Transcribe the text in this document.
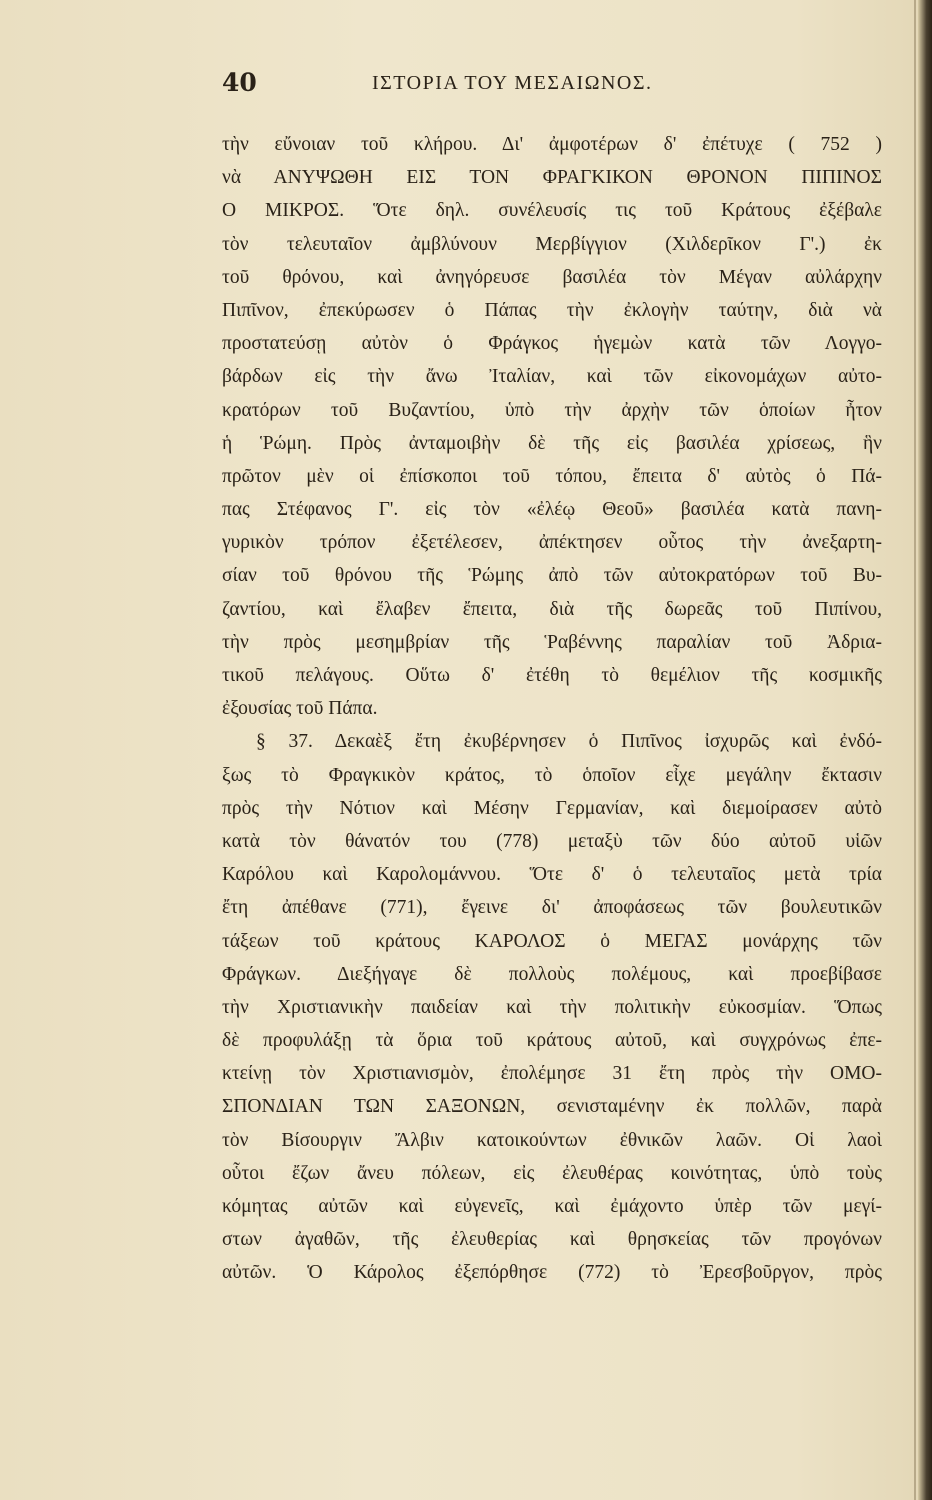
40	ΙΣΤΟΡΙΑ ΤΟΥ ΜΕΣΑΙΩΝΟΣ.
τὴν εὔνοιαν τοῦ κλήρου. Δι' ἀμφοτέρων δ' ἐπέτυχε ( 752 )
νὰ ΑΝΥΨΩΘΗ ΕΙΣ ΤΟΝ ΦΡΑΓΚΙΚΟΝ ΘΡΟΝΟΝ ΠΙΠΙΝΟΣ
Ο ΜΙΚΡΟΣ. Ὅτε δηλ. συνέλευσίς τις τοῦ Κράτους ἐξέβαλε
τὸν τελευταῖον ἀμβλύνουν Μερβίγγιον (Χιλδερῖκον Γ'.) ἐκ
τοῦ θρόνου, καὶ ἀνηγόρευσε βασιλέα τὸν Μέγαν αὐλάρχην
Πιπῖνον, ἐπεκύρωσεν ὁ Πάπας τὴν ἐκλογὴν ταύτην, διὰ νὰ
προστατεύσῃ αὐτὸν ὁ Φράγκος ἡγεμὼν κατὰ τῶν Λογγο-
βάρδων εἰς τὴν ἄνω Ἰταλίαν, καὶ τῶν εἰκονομάχων αὐτο-
κρατόρων τοῦ Βυζαντίου, ὑπὸ τὴν ἀρχὴν τῶν ὁποίων ἦτον
ἡ Ῥώμη. Πρὸς ἀνταμοιβὴν δὲ τῆς εἰς βασιλέα χρίσεως, ἣν
πρῶτον μὲν οἱ ἐπίσκοποι τοῦ τόπου, ἔπειτα δ' αὐτὸς ὁ Πά-
πας Στέφανος Γ'. εἰς τὸν «ἐλέῳ Θεοῦ» βασιλέα κατὰ πανη-
γυρικὸν τρόπον ἐξετέλεσεν, ἀπέκτησεν οὗτος τὴν ἀνεξαρτη-
σίαν τοῦ θρόνου τῆς Ῥώμης ἀπὸ τῶν αὐτοκρατόρων τοῦ Βυ-
ζαντίου, καὶ ἔλαβεν ἔπειτα, διὰ τῆς δωρεᾶς τοῦ Πιπίνου,
τὴν πρὸς μεσημβρίαν τῆς Ῥαβέννης παραλίαν τοῦ Ἀδρια-
τικοῦ πελάγους. Οὕτω δ' ἐτέθη τὸ θεμέλιον τῆς κοσμικῆς
ἐξουσίας τοῦ Πάπα.
§ 37. Δεκαὲξ ἔτη ἐκυβέρνησεν ὁ Πιπῖνος ἰσχυρῶς καὶ ἐνδό-
ξως τὸ Φραγκικὸν κράτος, τὸ ὁποῖον εἶχε μεγάλην ἔκτασιν
πρὸς τὴν Νότιον καὶ Μέσην Γερμανίαν, καὶ διεμοίρασεν αὐτὸ
κατὰ τὸν θάνατόν του (778) μεταξὺ τῶν δύο αὐτοῦ υἱῶν
Καρόλου καὶ Καρολομάννου. Ὅτε δ' ὁ τελευταῖος μετὰ τρία
ἔτη ἀπέθανε (771), ἔγεινε δι' ἀποφάσεως τῶν βουλευτικῶν
τάξεων τοῦ κράτους ΚΑΡΟΛΟΣ ὁ ΜΕΓΑΣ μονάρχης τῶν
Φράγκων. Διεξήγαγε δὲ πολλοὺς πολέμους, καὶ προεβίβασε
τὴν Χριστιανικὴν παιδείαν καὶ τὴν πολιτικὴν εὐκοσμίαν. Ὅπως
δὲ προφυλάξῃ τὰ ὅρια τοῦ κράτους αὐτοῦ, καὶ συγχρόνως ἐπε-
κτείνῃ τὸν Χριστιανισμὸν, ἐπολέμησε 31 ἔτη πρὸς τὴν ΟΜΟ-
ΣΠΟΝΔΙΑΝ ΤΩΝ ΣΑΞΟΝΩΝ, σενισταμένην ἐκ πολλῶν, παρὰ
τὸν Βίσουργιν Ἄλβιν κατοικούντων ἐθνικῶν λαῶν. Οἱ λαοὶ
οὗτοι ἔζων ἄνευ πόλεων, εἰς ἐλευθέρας κοινότητας, ὑπὸ τοὺς
κόμητας αὐτῶν καὶ εὐγενεῖς, καὶ ἐμάχοντο ὑπὲρ τῶν μεγί-
στων ἀγαθῶν, τῆς ἐλευθερίας καὶ θρησκείας τῶν προγόνων
αὐτῶν. Ὁ Κάρολος ἐξεπόρθησε (772) τὸ Ἐρεσβοῦργον, πρὸς
